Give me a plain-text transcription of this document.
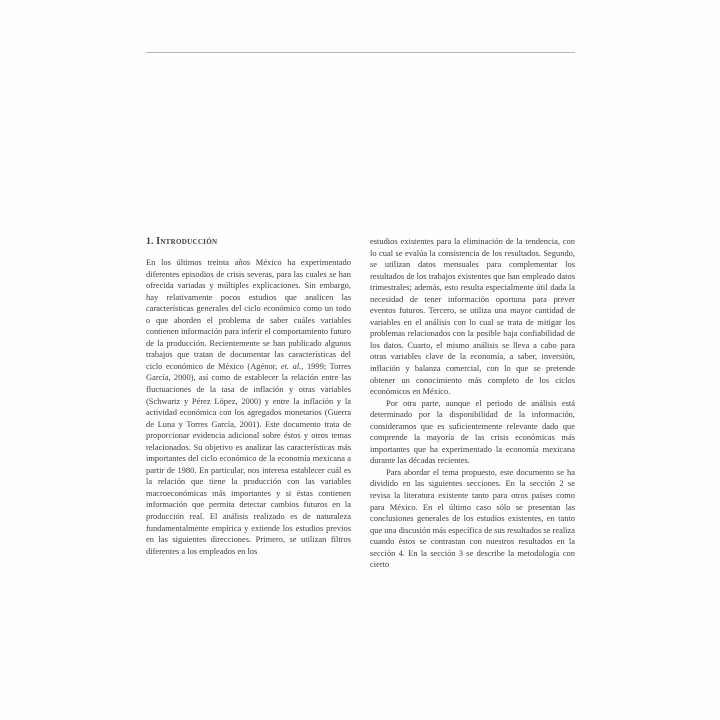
1. Introducción

En los últimos treinta años México ha experimentado diferentes episodios de crisis severas, para las cuales se han ofrecida variadas y múltiples explicaciones. Sin embargo, hay relativamente pocos estudios que analicen las características generales del ciclo económico como un todo o que aborden el problema de saber cuáles variables contienen información para inferir el comportamiento futuro de la producción. Recientemente se han publicado algunos trabajos que tratan de documentar las características del ciclo económico de México (Agénor, et. al., 1999; Torres García, 2000), así como de establecer la relación entre las fluctuaciones de la tasa de inflación y otras variables (Schwartz y Pérez López, 2000) y entre la inflación y la actividad económica con los agregados monetarios (Guerra de Luna y Torres García, 2001). Este documento trata de proporcionar evidencia adicional sobre éstos y otros temas relacionados. Su objetivo es analizar las características más importantes del ciclo económico de la economía mexicana a partir de 1980. En particular, nos interesa establecer cuál es la relación que tiene la producción con las variables macroeconómicas más importantes y si éstas contienen información que permita detectar cambios futuros en la producción real. El análisis realizado es de naturaleza fundamentalmente empírica y extiende los estudios previos en las siguientes direcciones. Primero, se utilizan filtros diferentes a los empleados en los

estudios existentes para la eliminación de la tendencia, con lo cual se evalúa la consistencia de los resultados. Segundo, se utilizan datos mensuales para complementar los resultados de los trabajos existentes que han empleado datos trimestrales; además, esto resulta especialmente útil dada la necesidad de tener información oportuna para prever eventos futuros. Tercero, se utiliza una mayor cantidad de variables en el análisis con lo cual se trata de mitigar los problemas relacionados con la posible baja confiabilidad de los datos. Cuarto, el mismo análisis se lleva a cabo para otras variables clave de la economía, a saber, inversión, inflación y balanza comercial, con lo que se pretende obtener un conocimiento más completo de los ciclos económicos en México.

Por otra parte, aunque el periodo de análisis está determinado por la disponibilidad de la información, consideramos que es suficientemente relevante dado que comprende la mayoría de las crisis económicas más importantes que ha experimentado la economía mexicana durante las décadas recientes.

Para abordar el tema propuesto, este documento se ha dividido en las siguientes secciones. En la sección 2 se revisa la literatura existente tanto para otros países como para México. En el último caso sólo se presentan las conclusiones generales de los estudios existentes, en tanto que una discusión más específica de sus resultados se realiza cuando éstos se contrastan con nuestros resultados en la sección 4. En la sección 3 se describe la metodología con cierto
